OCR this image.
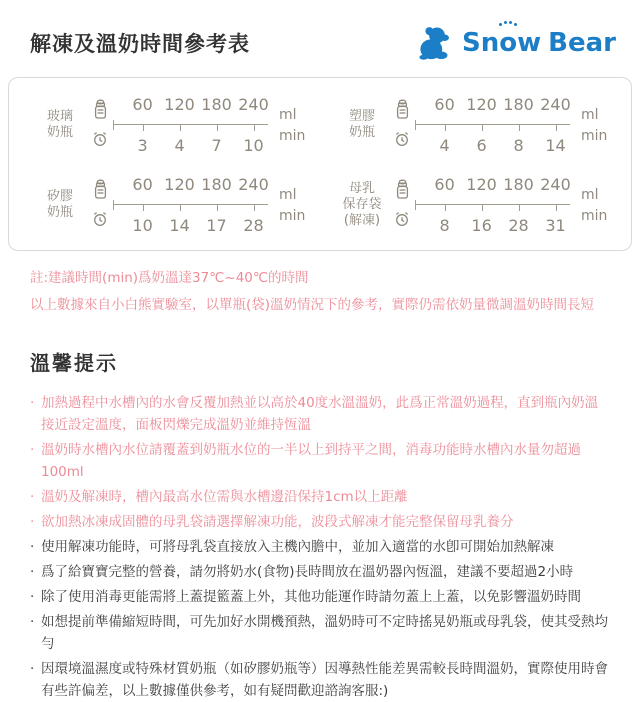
解凍及溫奶時間參考表	Sn o w Bear
玻璃
奶瓶
60 120 180 240
3	4	7	10
ml
min
塑膠
奶瓶
60 120 180 240
4	6	8	14
ml
min
矽膠
奶瓶
60 120 180 240
10	14	17	28
ml
min
母乳
保存袋
(解凍)
60 120 180 240
8	16	28	31
ml
min

註:建議時間(min)爲奶溫達37℃~40℃的時間

以上數據來自小白熊實驗室，以單瓶(袋)溫奶情況下的參考，實際仍需依奶量微調溫奶時間長短

溫馨提示
· 加熱過程中水槽內的水會反覆加熱並以高於40度水溫溫奶，此爲正常溫奶過程，直到瓶內奶溫接近設定溫度，面板閃爍完成溫奶並維持恆溫
· 溫奶時水槽內水位請覆蓋到奶瓶水位的一半以上到持平之間，消毒功能時水槽內水量勿超過100ml
· 溫奶及解凍時，槽內最高水位需與水槽邊沿保持1cm以上距離
· 欲加熱冰凍成固體的母乳袋請選擇解凍功能，波段式解凍才能完整保留母乳養分
· 使用解凍功能時，可將母乳袋直接放入主機內膽中，並加入適當的水卽可開始加熱解凍
· 爲了給寶寶完整的營養，請勿將奶水(食物)長時間放在溫奶器內恆溫，建議不要超過2小時
· 除了使用消毒更能需將上蓋提籃蓋上外，其他功能運作時請勿蓋上上蓋，以免影響溫奶時間
· 如想提前準備縮短時間，可先加好水開機預熱，溫奶時可不定時搖晃奶瓶或母乳袋，使其受熱均勻
· 因環境溫濕度或特殊材質奶瓶（如矽膠奶瓶等）因導熱性能差異需較長時間溫奶，實際使用時會有些許偏差，以上數據僅供參考，如有疑問歡迎諮詢客服:)
